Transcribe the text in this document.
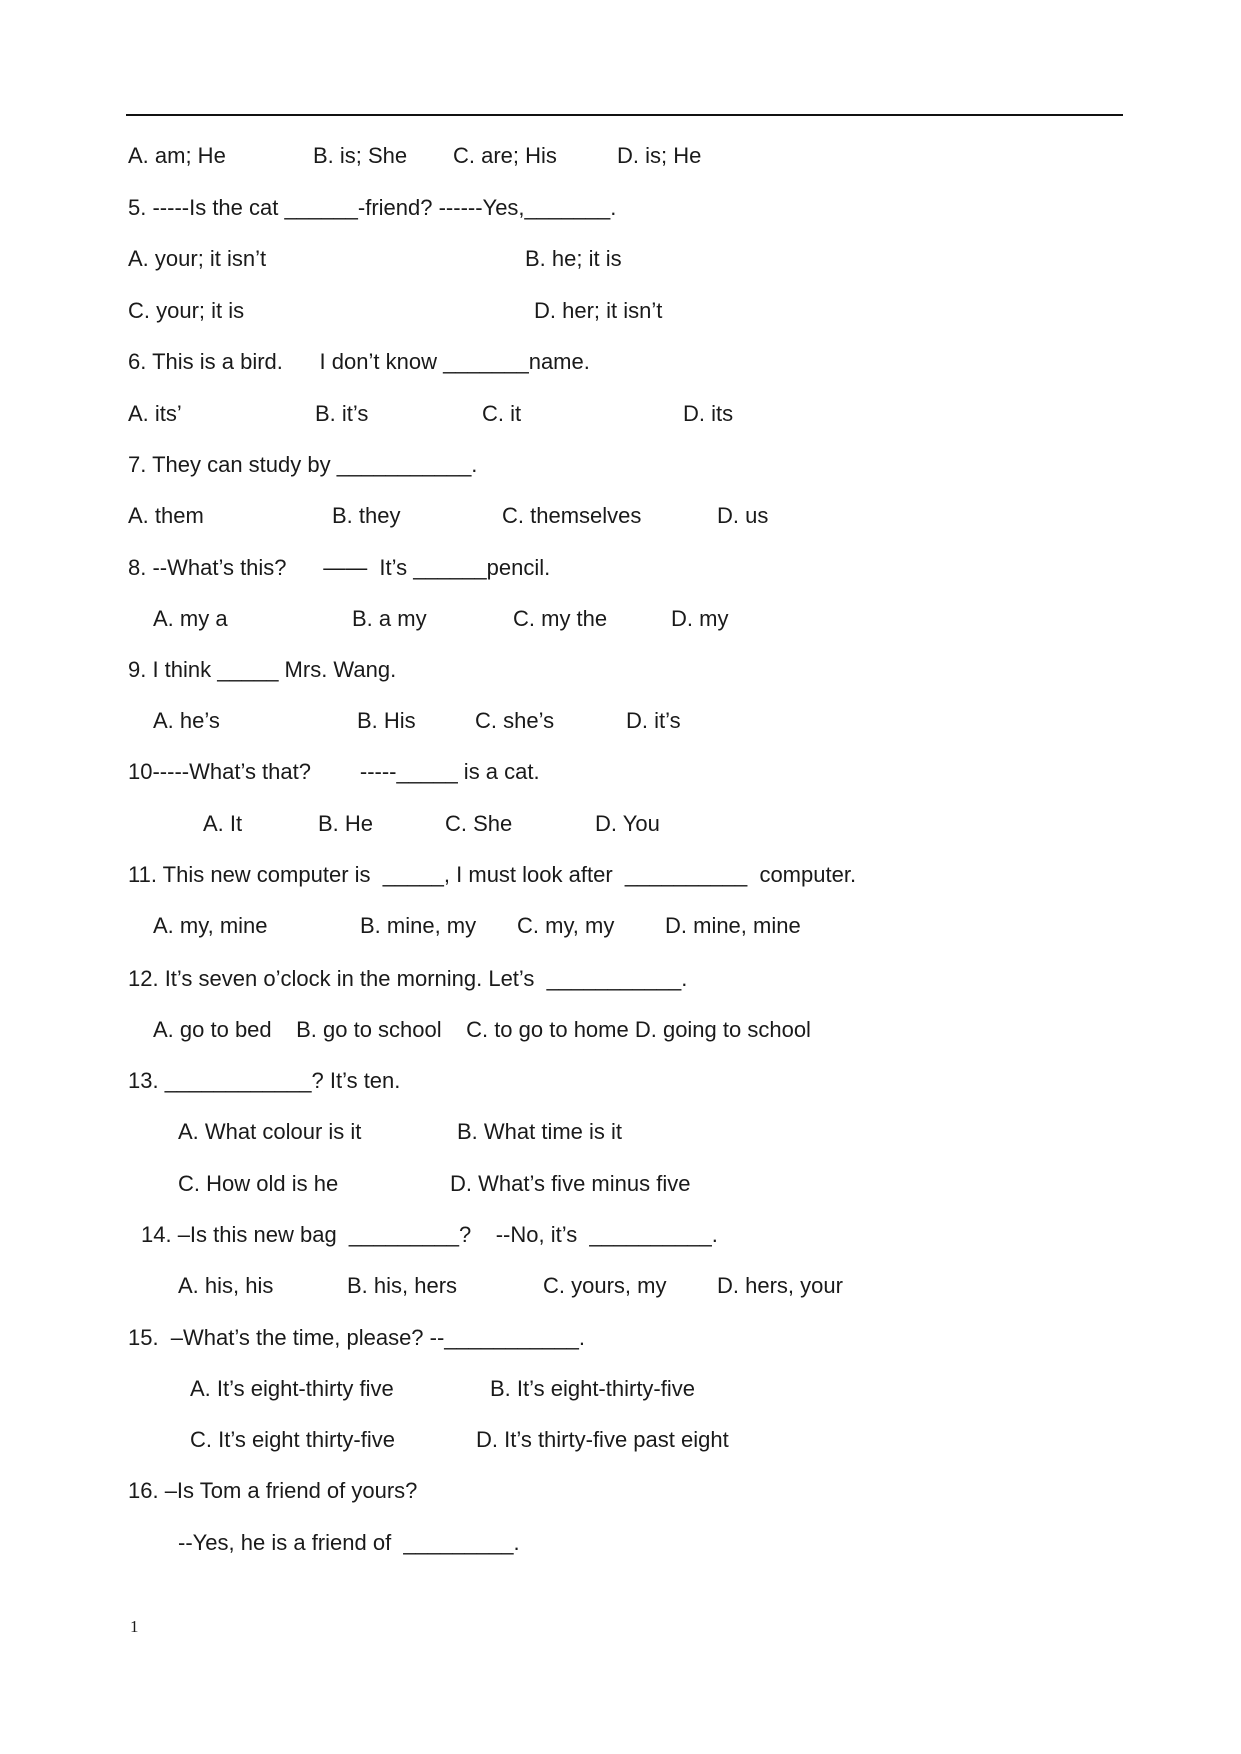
A. am; He	B. is; She C. are; His	D. is; He
5. -----Is the cat ______-friend? ------Yes,_______.
A. your; it isn’t	B. he; it is
C. your; it is	D. her; it isn’t
6. This is a bird.      I don’t know _______name.
A. its’	B. it’s	C. it	D. its
7. They can study by ___________.
A. them	B. they	C. themselves	D. us
8. --What’s this?      ——  It’s ______pencil.
A. my a	B. a my	C. my the	D. my
9. I think _____ Mrs. Wang.
A. he’s	B. His	C. she’s	D. it’s
10-----What’s that?        -----_____ is a cat.
A. It	B. He	C. She	D. You
11. This new computer is  _____, I must look after  __________  computer.
A. my, mine	B. mine, my C. my, my D. mine, mine
12. It’s seven o’clock in the morning. Let’s  ___________.
A. go to bed    B. go to school    C. to go to home D. going to school
13. ____________? It’s ten.
A. What colour is it	B. What time is it
C. How old is he	D. What’s five minus five
14. –Is this new bag  _________?    --No, it’s  __________.
A. his, his	B. his, hers	C. yours, my D. hers, your
15.  –What’s the time, please? --___________.
A. It’s eight-thirty five	B. It’s eight-thirty-five
C. It’s eight thirty-five	D. It’s thirty-five past eight
16. –Is Tom a friend of yours?
--Yes, he is a friend of  _________.
1
